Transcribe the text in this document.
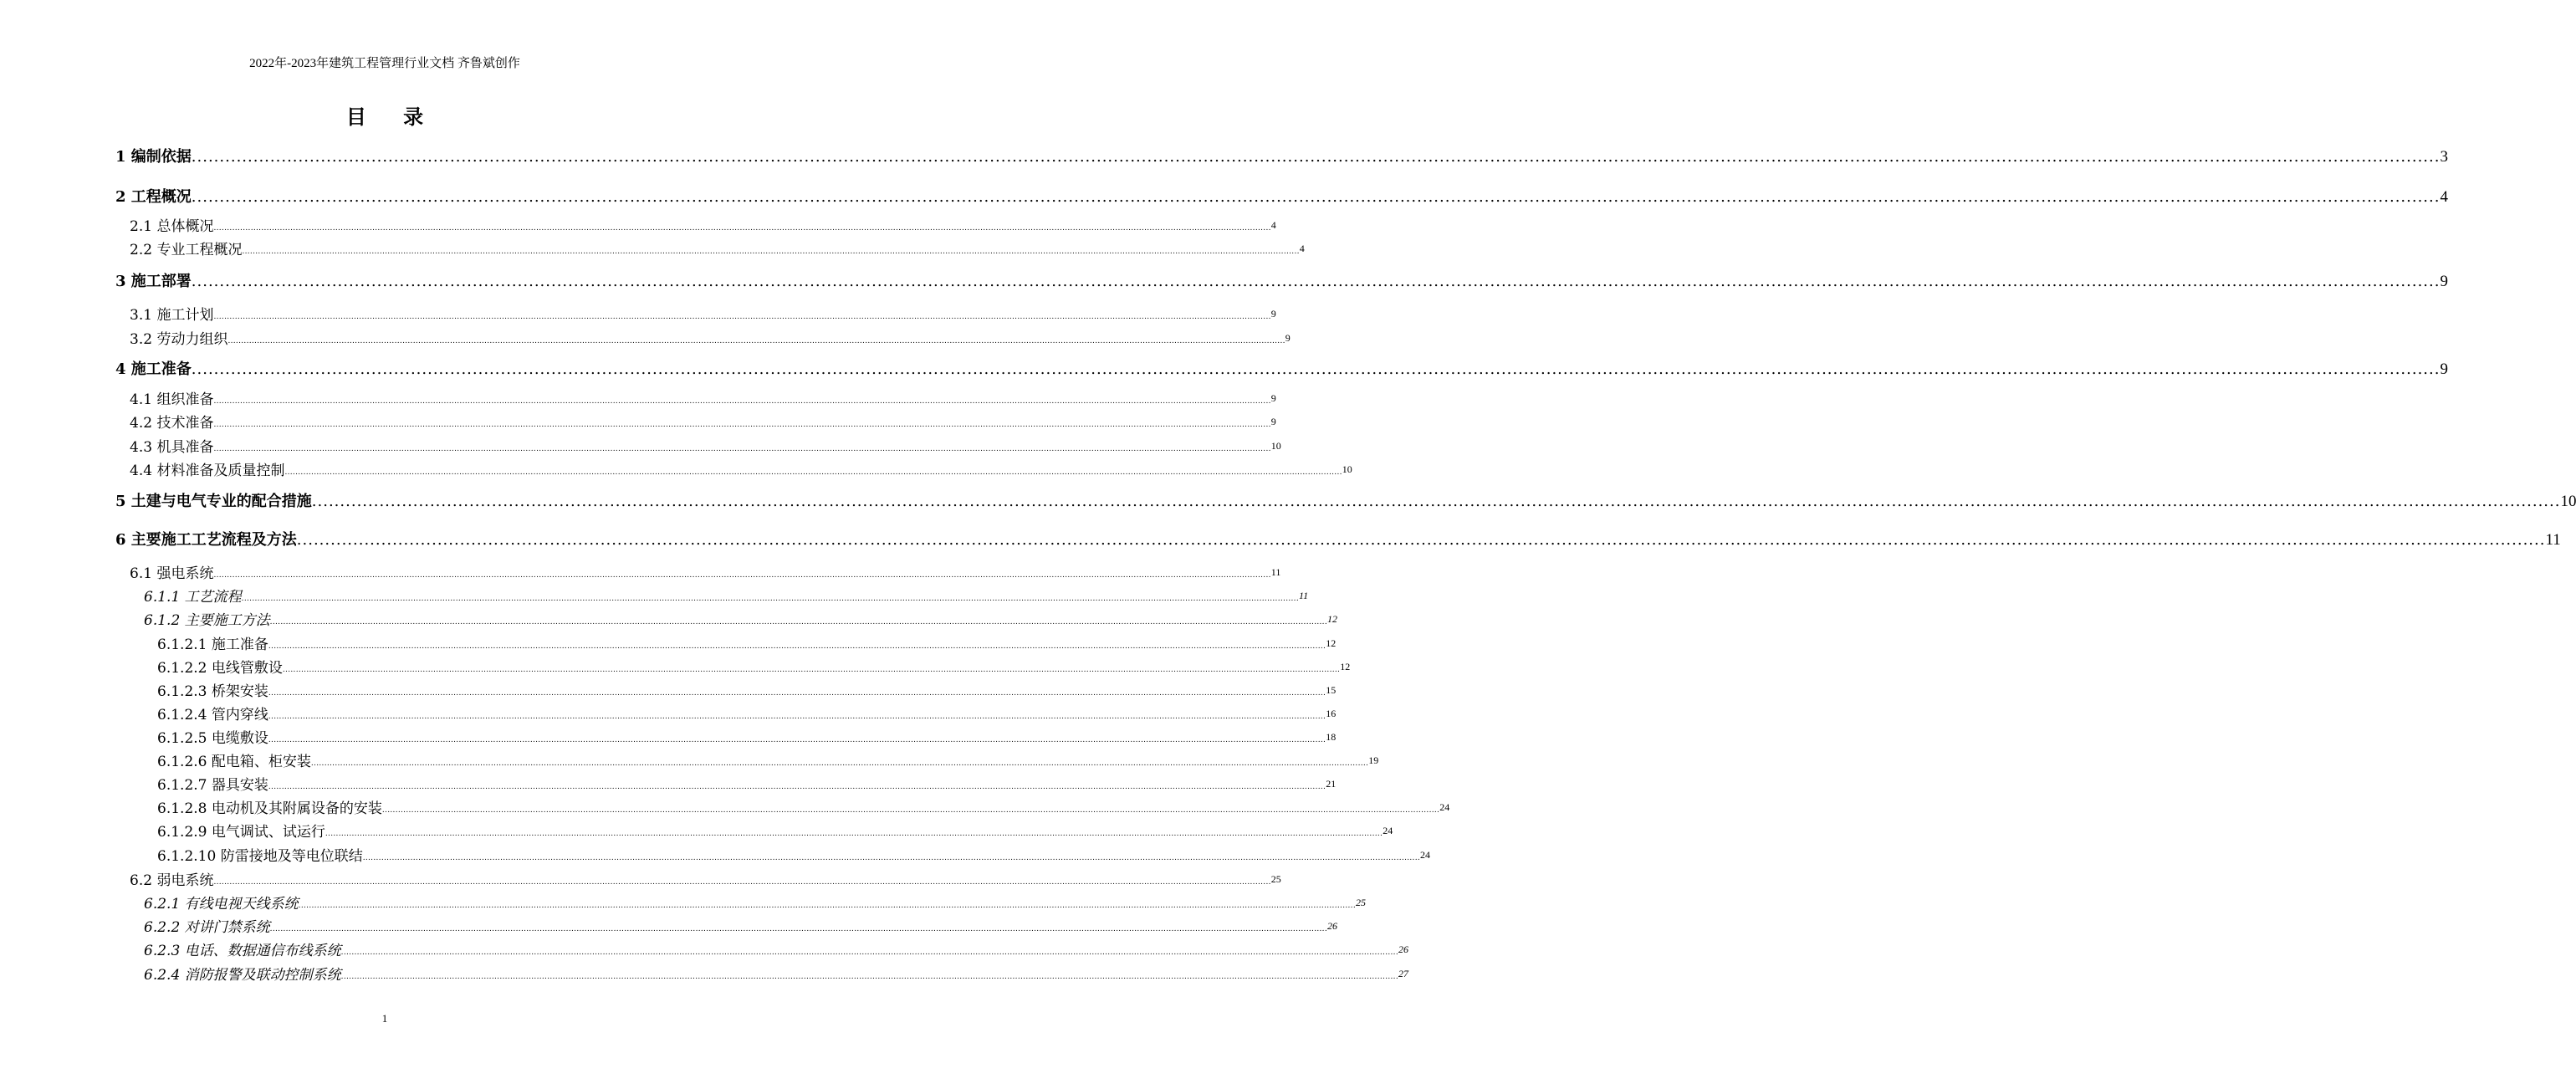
2022年-2023年建筑工程管理行业文档 齐鲁斌创作
目 录
1 编制依据 ................................................................................................................................................................................................................................................................................................................................................................................................................ 3
2 工程概况 ................................................................................................................................................................................................................................................................................................................................................................................................................ 4
2.1 总体概况 ................................................................................................................................................................................................................................................................................................................................................................................................................ 4
2.2 专业工程概况 ................................................................................................................................................................................................................................................................................................................................................................................................................ 4
3 施工部署 ................................................................................................................................................................................................................................................................................................................................................................................................................ 9
3.1 施工计划 ................................................................................................................................................................................................................................................................................................................................................................................................................ 9
3.2 劳动力组织 ................................................................................................................................................................................................................................................................................................................................................................................................................ 9
4 施工准备 ................................................................................................................................................................................................................................................................................................................................................................................................................ 9
4.1 组织准备 ................................................................................................................................................................................................................................................................................................................................................................................................................ 9
4.2 技术准备 ................................................................................................................................................................................................................................................................................................................................................................................................................ 9
4.3 机具准备 ................................................................................................................................................................................................................................................................................................................................................................................................................ 10
4.4 材料准备及质量控制 ................................................................................................................................................................................................................................................................................................................................................................................................................ 10
5 土建与电气专业的配合措施 ................................................................................................................................................................................................................................................................................................................................................................................................................ 10
6 主要施工工艺流程及方法 ................................................................................................................................................................................................................................................................................................................................................................................................................ 11
6.1 强电系统 ................................................................................................................................................................................................................................................................................................................................................................................................................ 11
6.1.1 工艺流程 ................................................................................................................................................................................................................................................................................................................................................................................................................ 11
6.1.2 主要施工方法 ................................................................................................................................................................................................................................................................................................................................................................................................................ 12
6.1.2.1 施工准备 ................................................................................................................................................................................................................................................................................................................................................................................................................ 12
6.1.2.2 电线管敷设 ................................................................................................................................................................................................................................................................................................................................................................................................................ 12
6.1.2.3 桥架安装 ................................................................................................................................................................................................................................................................................................................................................................................................................ 15
6.1.2.4 管内穿线 ................................................................................................................................................................................................................................................................................................................................................................................................................ 16
6.1.2.5 电缆敷设 ................................................................................................................................................................................................................................................................................................................................................................................................................ 18
6.1.2.6 配电箱、柜安装 ................................................................................................................................................................................................................................................................................................................................................................................................................ 19
6.1.2.7 器具安装 ................................................................................................................................................................................................................................................................................................................................................................................................................ 21
6.1.2.8 电动机及其附属设备的安装 ................................................................................................................................................................................................................................................................................................................................................................................................................ 24
6.1.2.9 电气调试、试运行 ................................................................................................................................................................................................................................................................................................................................................................................................................ 24
6.1.2.10 防雷接地及等电位联结 ................................................................................................................................................................................................................................................................................................................................................................................................................ 24
6.2 弱电系统 ................................................................................................................................................................................................................................................................................................................................................................................................................ 25
6.2.1 有线电视天线系统 ................................................................................................................................................................................................................................................................................................................................................................................................................ 25
6.2.2 对讲门禁系统 ................................................................................................................................................................................................................................................................................................................................................................................................................ 26
6.2.3 电话、数据通信布线系统 ................................................................................................................................................................................................................................................................................................................................................................................................................ 26
6.2.4 消防报警及联动控制系统 ................................................................................................................................................................................................................................................................................................................................................................................................................ 27
1
